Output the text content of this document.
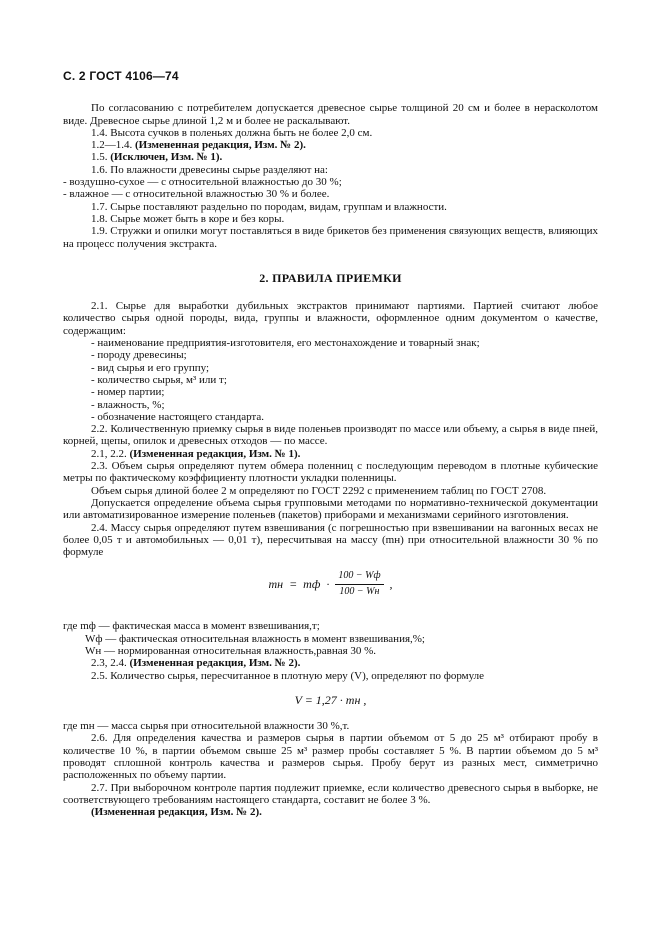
С. 2 ГОСТ 4106—74

По согласованию с потребителем допускается древесное сырье толщиной 20 см и более в нерасколотом виде. Древесное сырье длиной 1,2 м и более не раскалывают.

1.4. Высота сучков в поленьях должна быть не более 2,0 см.

1.2—1.4. (Измененная редакция, Изм. № 2).

1.5. (Исключен, Изм. № 1).

1.6. По влажности древесины сырье разделяют на:

- воздушно-сухое — с относительной влажностью до 30 %;

- влажное — с относительной влажностью 30 % и более.

1.7. Сырье поставляют раздельно по породам, видам, группам и влажности.

1.8. Сырье может быть в коре и без коры.

1.9. Стружки и опилки могут поставляться в виде брикетов без применения связующих веществ, влияющих на процесс получения экстракта.

2. ПРАВИЛА ПРИЕМКИ

2.1. Сырье для выработки дубильных экстрактов принимают партиями. Партией считают любое количество сырья одной породы, вида, группы и влажности, оформленное одним документом о качестве, содержащим:

- наименование предприятия-изготовителя, его местонахождение и товарный знак;

- породу древесины;

- вид сырья и его группу;

- количество сырья, м³ или т;

- номер партии;

- влажность, %;

- обозначение настоящего стандарта.

2.2. Количественную приемку сырья в виде поленьев производят по массе или объему, а сырья в виде пней, корней, щепы, опилок и древесных отходов — по массе.

2.1, 2.2. (Измененная редакция, Изм. № 1).

2.3. Объем сырья определяют путем обмера поленниц с последующим переводом в плотные кубические метры по фактическому коэффициенту плотности укладки поленницы.

Объем сырья длиной более 2 м определяют по ГОСТ 2292 с применением таблиц по ГОСТ 2708.

Допускается определение объема сырья групповыми методами по нормативно-технической документации или автоматизированное измерение поленьев (пакетов) приборами и механизмами серийного изготовления.

2.4. Массу сырья определяют путем взвешивания (с погрешностью при взвешивании на вагонных весах не более 0,05 т и автомобильных — 0,01 т), пересчитывая на массу (mн) при относительной влажности 30 % по формуле

mн = mф · $\frac{100 - Wф}{100 - Wн}$ ,

где mф — фактическая масса в момент взвешивания,т;

Wф — фактическая относительная влажность в момент взвешивания,%;

Wн — нормированная относительная влажность,равная 30 %.

2.3, 2.4. (Измененная редакция, Изм. № 2).

2.5. Количество сырья, пересчитанное в плотную меру (V), определяют по формуле

V = 1,27 · mн ,

где mн — масса сырья при относительной влажности 30 %,т.

2.6. Для определения качества и размеров сырья в партии объемом от 5 до 25 м³ отбирают пробу в количестве 10 %, в партии объемом свыше 25 м³ размер пробы составляет 5 %. В партии объемом до 5 м³ проводят сплошной контроль качества и размеров сырья. Пробу берут из разных мест, симметрично расположенных по объему партии.

2.7. При выборочном контроле партия подлежит приемке, если количество древесного сырья в выборке, не соответствующего требованиям настоящего стандарта, составит не более 3 %.

(Измененная редакция, Изм. № 2).
